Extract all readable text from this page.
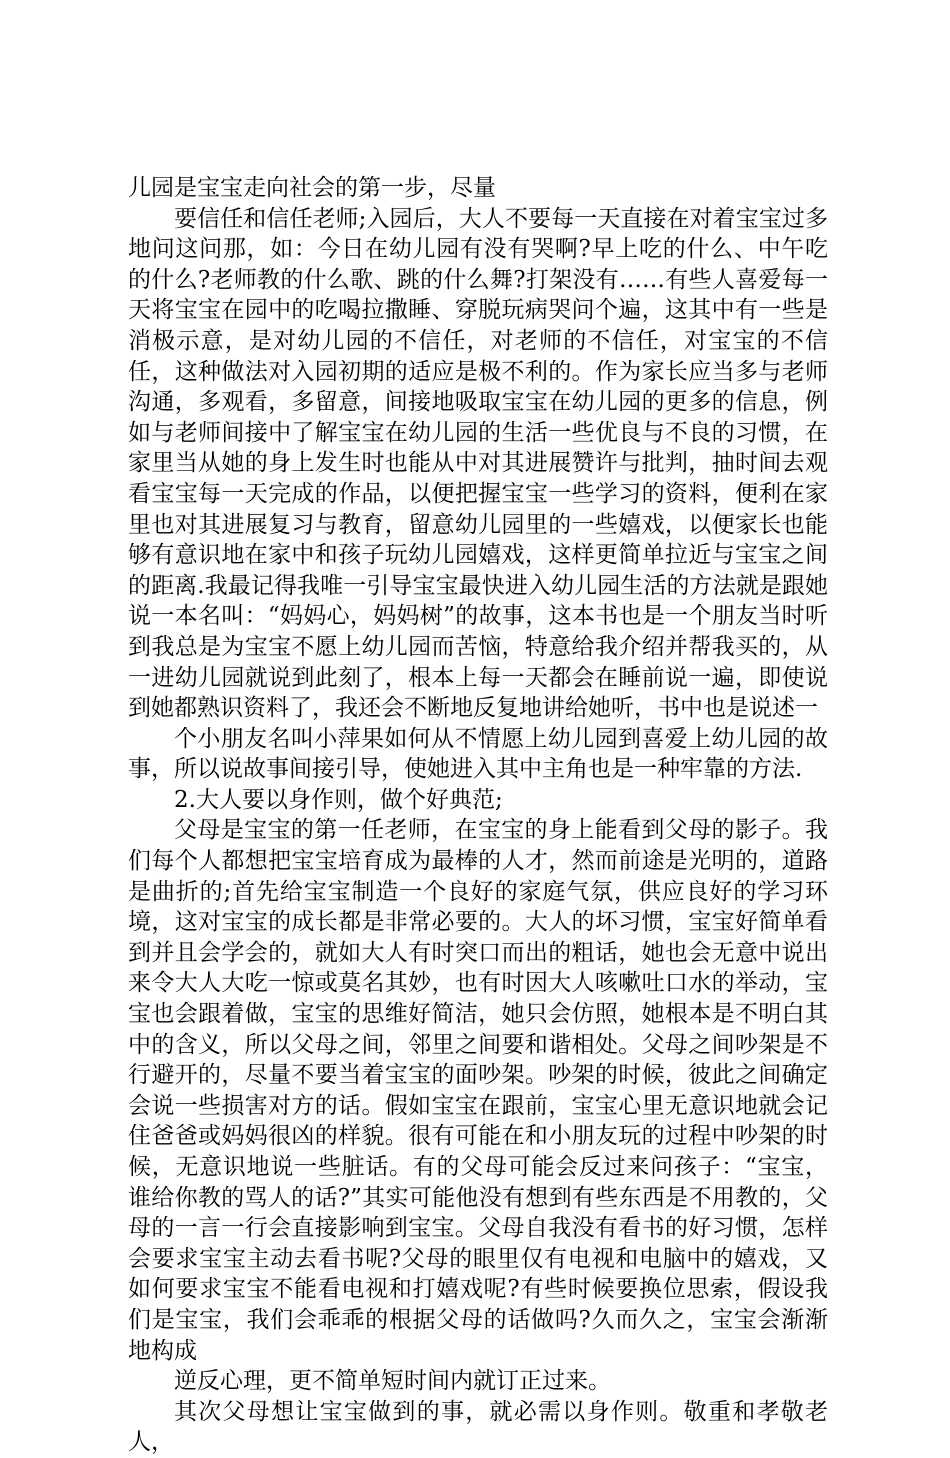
儿园是宝宝走向社会的第一步，尽量

要信任和信任老师;入园后，大人不要每一天直接在对着宝宝过多地问这问那，如：今日在幼儿园有没有哭啊?早上吃的什么、中午吃的什么?老师教的什么歌、跳的什么舞?打架没有……有些人喜爱每一天将宝宝在园中的吃喝拉撒睡、穿脱玩病哭问个遍，这其中有一些是消极示意，是对幼儿园的不信任，对老师的不信任，对宝宝的不信任，这种做法对入园初期的适应是极不利的。作为家长应当多与老师沟通，多观看，多留意，间接地吸取宝宝在幼儿园的更多的信息，例如与老师间接中了解宝宝在幼儿园的生活一些优良与不良的习惯，在家里当从她的身上发生时也能从中对其进展赞许与批判，抽时间去观看宝宝每一天完成的作品，以便把握宝宝一些学习的资料，便利在家里也对其进展复习与教育，留意幼儿园里的一些嬉戏，以便家长也能够有意识地在家中和孩子玩幼儿园嬉戏，这样更简单拉近与宝宝之间的距离.我最记得我唯一引导宝宝最快进入幼儿园生活的方法就是跟她说一本名叫：“妈妈心，妈妈树”的故事，这本书也是一个朋友当时听到我总是为宝宝不愿上幼儿园而苦恼，特意给我介绍并帮我买的，从一进幼儿园就说到此刻了，根本上每一天都会在睡前说一遍，即使说到她都熟识资料了，我还会不断地反复地讲给她听，书中也是说述一

个小朋友名叫小萍果如何从不情愿上幼儿园到喜爱上幼儿园的故事，所以说故事间接引导，使她进入其中主角也是一种牢靠的方法.

2.大人要以身作则，做个好典范;

父母是宝宝的第一任老师，在宝宝的身上能看到父母的影子。我们每个人都想把宝宝培育成为最棒的人才，然而前途是光明的，道路是曲折的;首先给宝宝制造一个良好的家庭气氛，供应良好的学习环境，这对宝宝的成长都是非常必要的。大人的坏习惯，宝宝好简单看到并且会学会的，就如大人有时突口而出的粗话，她也会无意中说出来令大人大吃一惊或莫名其妙，也有时因大人咳嗽吐口水的举动，宝宝也会跟着做，宝宝的思维好简洁，她只会仿照，她根本是不明白其中的含义，所以父母之间，邻里之间要和谐相处。父母之间吵架是不行避开的，尽量不要当着宝宝的面吵架。吵架的时候，彼此之间确定会说一些损害对方的话。假如宝宝在跟前，宝宝心里无意识地就会记住爸爸或妈妈很凶的样貌。很有可能在和小朋友玩的过程中吵架的时候，无意识地说一些脏话。有的父母可能会反过来问孩子：“宝宝，谁给你教的骂人的话?”其实可能他没有想到有些东西是不用教的，父母的一言一行会直接影响到宝宝。父母自我没有看书的好习惯，怎样会要求宝宝主动去看书呢?父母的眼里仅有电视和电脑中的嬉戏，又如何要求宝宝不能看电视和打嬉戏呢?有些时候要换位思索，假设我们是宝宝，我们会乖乖的根据父母的话做吗?久而久之，宝宝会渐渐地构成

逆反心理，更不简单短时间内就订正过来。

其次父母想让宝宝做到的事，就必需以身作则。敬重和孝敬老人，
